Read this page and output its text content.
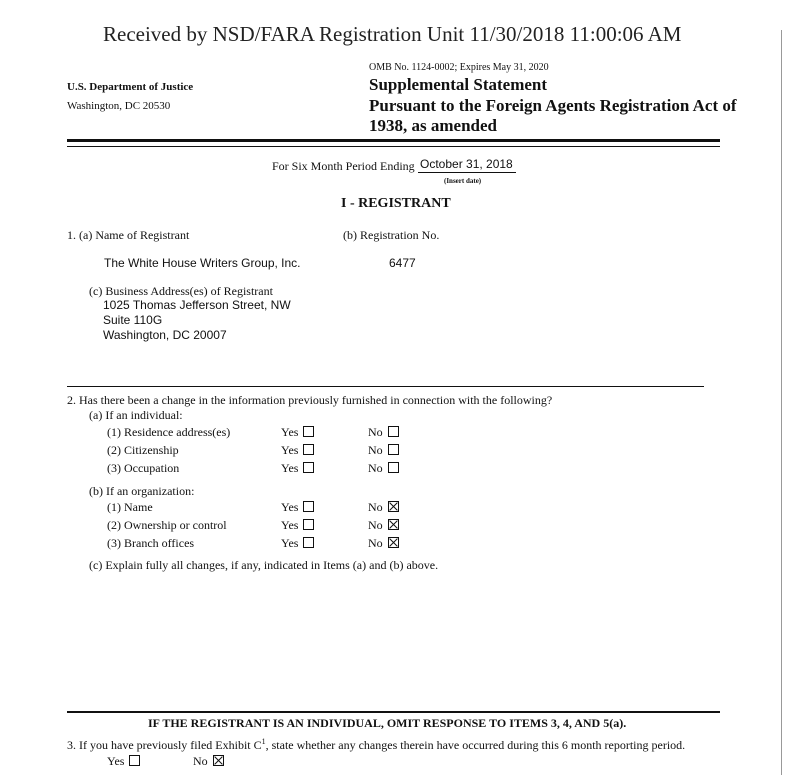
Received by NSD/FARA Registration Unit 11/30/2018 11:00:06 AM
U.S. Department of Justice
Washington, DC 20530
OMB No. 1124-0002; Expires May 31, 2020
Supplemental Statement
Pursuant to the Foreign Agents Registration Act of
1938, as amended
For Six Month Period Ending October 31, 2018
(Insert date)
I - REGISTRANT
1. (a) Name of Registrant	(b) Registration No.
The White House Writers Group, Inc.	6477
(c) Business Address(es) of Registrant
1025 Thomas Jefferson Street, NW
Suite 110G
Washington, DC 20007
2. Has there been a change in the information previously furnished in connection with the following?
(a) If an individual:
(1) Residence address(es)	Yes	No
(2) Citizenship	Yes	No
(3) Occupation	Yes	No
(b) If an organization:
(1) Name	Yes	No
(2) Ownership or control	Yes	No
(3) Branch offices	Yes	No
(c) Explain fully all changes, if any, indicated in Items (a) and (b) above.
IF THE REGISTRANT IS AN INDIVIDUAL, OMIT RESPONSE TO ITEMS 3, 4, AND 5(a).
3. If you have previously filed Exhibit $C^1$, state whether any changes therein have occurred during this 6 month reporting period.
Yes	No
